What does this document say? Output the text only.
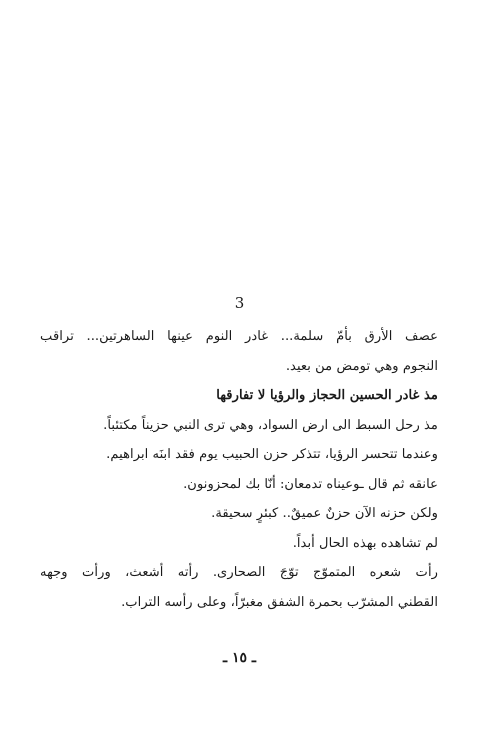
3
عصف الأرق بأمّ سلمة... غادر النوم عينها الساهرتين... تراقب
النجوم وهي تومض من بعيد.
مذ غادر الحسين الحجاز والرؤيا لا تفارقها
مذ رحل السبط الى ارض السواد، وهي ترى النبي حزيناً مكتئباً.
وعندما تتحسر الرؤيا، تتذكر حزن الحبيب يوم فقد ابنَه ابراهيم.
عانقه ثم قال ـوعيناه تدمعان: أنّا بك لمحزونون.
ولكن حزنه الآن حزنٌ عميقٌ.. كبئرٍ سحيقة.
لم تشاهده بهذه الحال أبداً.
رأت شعره المتموّج توّجَ الصحارى. رأته أشعث، ورأت وجهه
القطني المشرّب بحمرة الشفق مغبرّاً، وعلى رأسه التراب.
ـ ١٥ ـ
